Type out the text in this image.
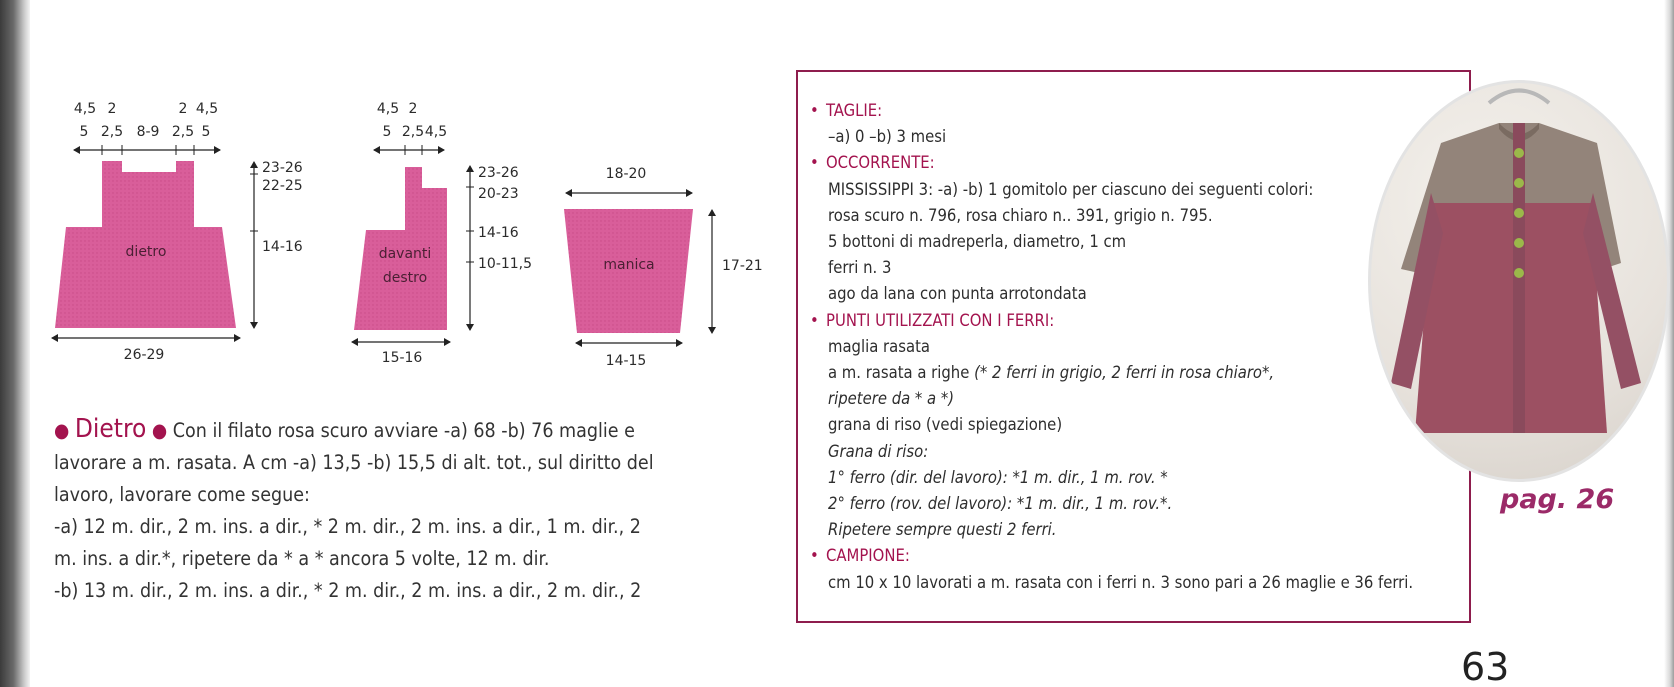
dietro
4,5 2	2 4,5
5 2,5 8-9 2,5 5
23-26
22-25
14-16
26-29
davanti
destro
4,5 2
5 2,5 4,5
23-26
20-23
14-16
10-11,5
15-16
manica
18-20
17-21
14-15

● Dietro ● Con il filato rosa scuro avviare -a) 68 -b) 76 maglie e

lavorare a m. rasata. A cm -a) 13,5 -b) 15,5 di alt. tot., sul diritto del

lavoro, lavorare come segue:

-a) 12 m. dir., 2 m. ins. a dir., * 2 m. dir., 2 m. ins. a dir., 1 m. dir., 2

m. ins. a dir.*, ripetere da * a * ancora 5 volte, 12 m. dir.

-b) 13 m. dir., 2 m. ins. a dir., * 2 m. dir., 2 m. ins. a dir., 2 m. dir., 2

• TAGLIE:
–a) 0 –b) 3 mesi
• OCCORRENTE:
MISSISSIPPI 3: -a) -b) 1 gomitolo per ciascuno dei seguenti colori:
rosa scuro n. 796, rosa chiaro n.. 391, grigio n. 795.
5 bottoni di madreperla, diametro, 1 cm
ferri n. 3
ago da lana con punta arrotondata
• PUNTI UTILIZZATI CON I FERRI:
maglia rasata
a m. rasata a righe (* 2 ferri in grigio, 2 ferri in rosa chiaro*,
ripetere da * a *)
grana di riso (vedi spiegazione)
Grana di riso:
1° ferro (dir. del lavoro): *1 m. dir., 1 m. rov. *
2° ferro (rov. del lavoro): *1 m. dir., 1 m. rov.*.
Ripetere sempre questi 2 ferri.
• CAMPIONE:
cm 10 x 10 lavorati a m. rasata con i ferri n. 3 sono pari a 26 maglie e 36 ferri.
pag. 26
63
